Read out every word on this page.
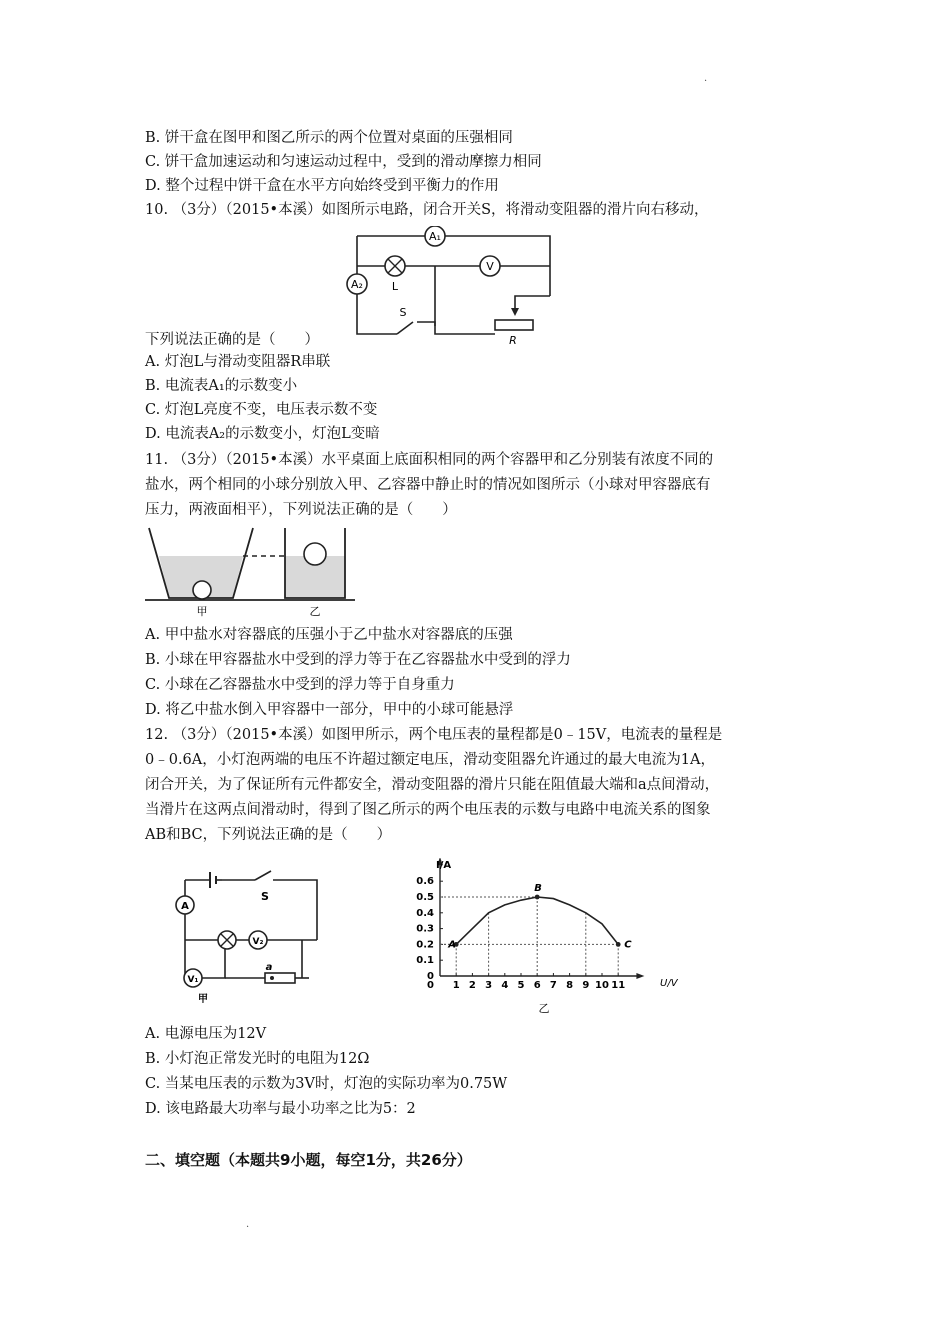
·
B. 饼干盒在图甲和图乙所示的两个位置对桌面的压强相同
C. 饼干盒加速运动和匀速运动过程中，受到的滑动摩擦力相同
D. 整个过程中饼干盒在水平方向始终受到平衡力的作用
10. （3分）（2015•本溪）如图所示电路，闭合开关S，将滑动变阻器的滑片向右移动，
A₁
A₂	L
V
S
R
下列说法正确的是（　　）
A. 灯泡L与滑动变阻器R串联
B. 电流表A₁的示数变小
C. 灯泡L亮度不变，电压表示数不变
D. 电流表A₂的示数变小，灯泡L变暗
11. （3分）（2015•本溪）水平桌面上底面积相同的两个容器甲和乙分别装有浓度不同的
盐水，两个相同的小球分别放入甲、乙容器中静止时的情况如图所示（小球对甲容器底有
压力，两液面相平），下列说法正确的是（　　）
甲	乙
A. 甲中盐水对容器底的压强小于乙中盐水对容器底的压强
B. 小球在甲容器盐水中受到的浮力等于在乙容器盐水中受到的浮力
C. 小球在乙容器盐水中受到的浮力等于自身重力
D. 将乙中盐水倒入甲容器中一部分，甲中的小球可能悬浮
12. （3分）（2015•本溪）如图甲所示，两个电压表的量程都是0﹣15V，电流表的量程是
0﹣0.6A，小灯泡两端的电压不许超过额定电压，滑动变阻器允许通过的最大电流为1A，
闭合开关，为了保证所有元件都安全，滑动变阻器的滑片只能在阻值最大端和a点间滑动，
当滑片在这两点间滑动时，得到了图乙所示的两个电压表的示数与电路中电流关系的图象
AB和BC，下列说法正确的是（　　）
A
S
V₂
V₁
a
甲
0
0.1
0.2
0.3
0.4
0.5
0.6
0 1 2 3 4 5 6 7 8 9 10 11
A
B
C
I/A
U/V
乙
A. 电源电压为12V
B. 小灯泡正常发光时的电阻为12Ω
C. 当某电压表的示数为3V时，灯泡的实际功率为0.75W
D. 该电路最大功率与最小功率之比为5：2
二、填空题（本题共9小题，每空1分，共26分）
·
